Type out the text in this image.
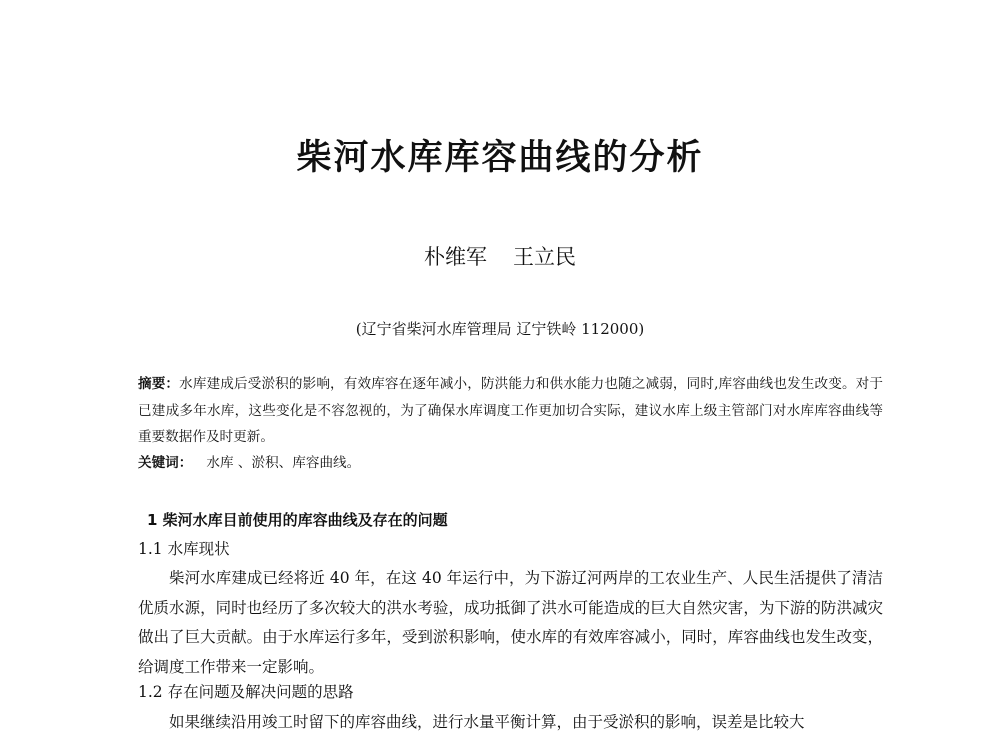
柴河水库库容曲线的分析
朴维军 王立民
(辽宁省柴河水库管理局 辽宁铁岭 112000)
摘要：水库建成后受淤积的影响，有效库容在逐年减小，防洪能力和供水能力也随之减弱，同时,库容曲线也发生改变。对于已建成多年水库，这些变化是不容忽视的，为了确保水库调度工作更加切合实际，建议水库上级主管部门对水库库容曲线等重要数据作及时更新。
关键词： 水库 、淤积、库容曲线。
1 柴河水库目前使用的库容曲线及存在的问题
1.1 水库现状
柴河水库建成已经将近 40 年，在这 40 年运行中，为下游辽河两岸的工农业生产、人民生活提供了清洁优质水源，同时也经历了多次较大的洪水考验，成功抵御了洪水可能造成的巨大自然灾害，为下游的防洪减灾做出了巨大贡献。由于水库运行多年，受到淤积影响，使水库的有效库容减小，同时，库容曲线也发生改变，给调度工作带来一定影响。
1.2 存在问题及解决问题的思路
如果继续沿用竣工时留下的库容曲线，进行水量平衡计算，由于受淤积的影响，误差是比较大
